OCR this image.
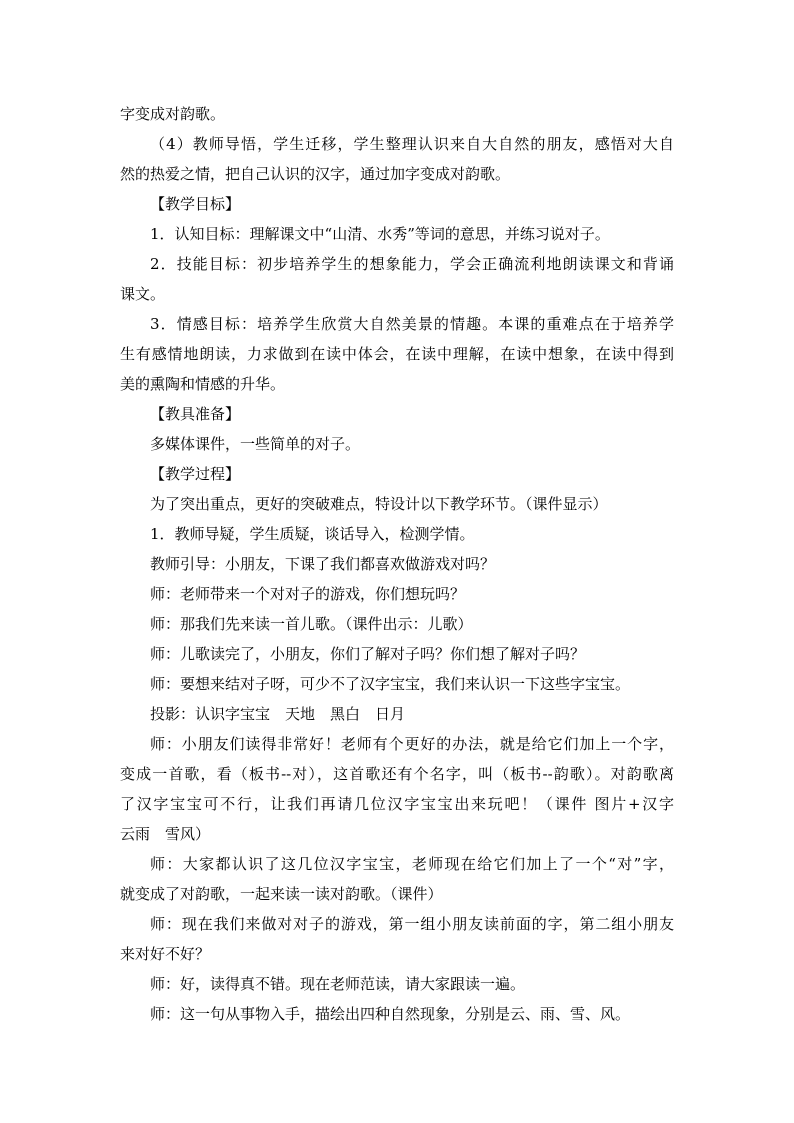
字变成对韵歌。
（4）教师导悟，学生迁移，学生整理认识来自大自然的朋友，感悟对大自
然的热爱之情，把自己认识的汉字，通过加字变成对韵歌。
【教学目标】
1．认知目标：理解课文中“山清、水秀”等词的意思，并练习说对子。
2．技能目标：初步培养学生的想象能力，学会正确流利地朗读课文和背诵
课文。
3．情感目标：培养学生欣赏大自然美景的情趣。本课的重难点在于培养学
生有感情地朗读，力求做到在读中体会，在读中理解，在读中想象，在读中得到
美的熏陶和情感的升华。
【教具准备】
多媒体课件，一些简单的对子。
【教学过程】
为了突出重点，更好的突破难点，特设计以下教学环节。（课件显示）
1．教师导疑，学生质疑，谈话导入，检测学情。
教师引导：小朋友，下课了我们都喜欢做游戏对吗？
师：老师带来一个对对子的游戏，你们想玩吗？
师：那我们先来读一首儿歌。（课件出示：儿歌）
师：儿歌读完了，小朋友，你们了解对子吗？你们想了解对子吗？
师：要想来结对子呀，可少不了汉字宝宝，我们来认识一下这些字宝宝。
投影：认识字宝宝　天地　黑白　日月
师：小朋友们读得非常好！老师有个更好的办法，就是给它们加上一个字，
变成一首歌，看（板书--对），这首歌还有个名字，叫（板书--韵歌）。对韵歌离
了汉字宝宝可不行，让我们再请几位汉字宝宝出来玩吧！（课件 图片+汉字
云雨　雪风）
师：大家都认识了这几位汉字宝宝，老师现在给它们加上了一个“对”字，
就变成了对韵歌，一起来读一读对韵歌。（课件）
师：现在我们来做对对子的游戏，第一组小朋友读前面的字，第二组小朋友
来对好不好？
师：好，读得真不错。现在老师范读，请大家跟读一遍。
师：这一句从事物入手，描绘出四种自然现象，分别是云、雨、雪、风。
